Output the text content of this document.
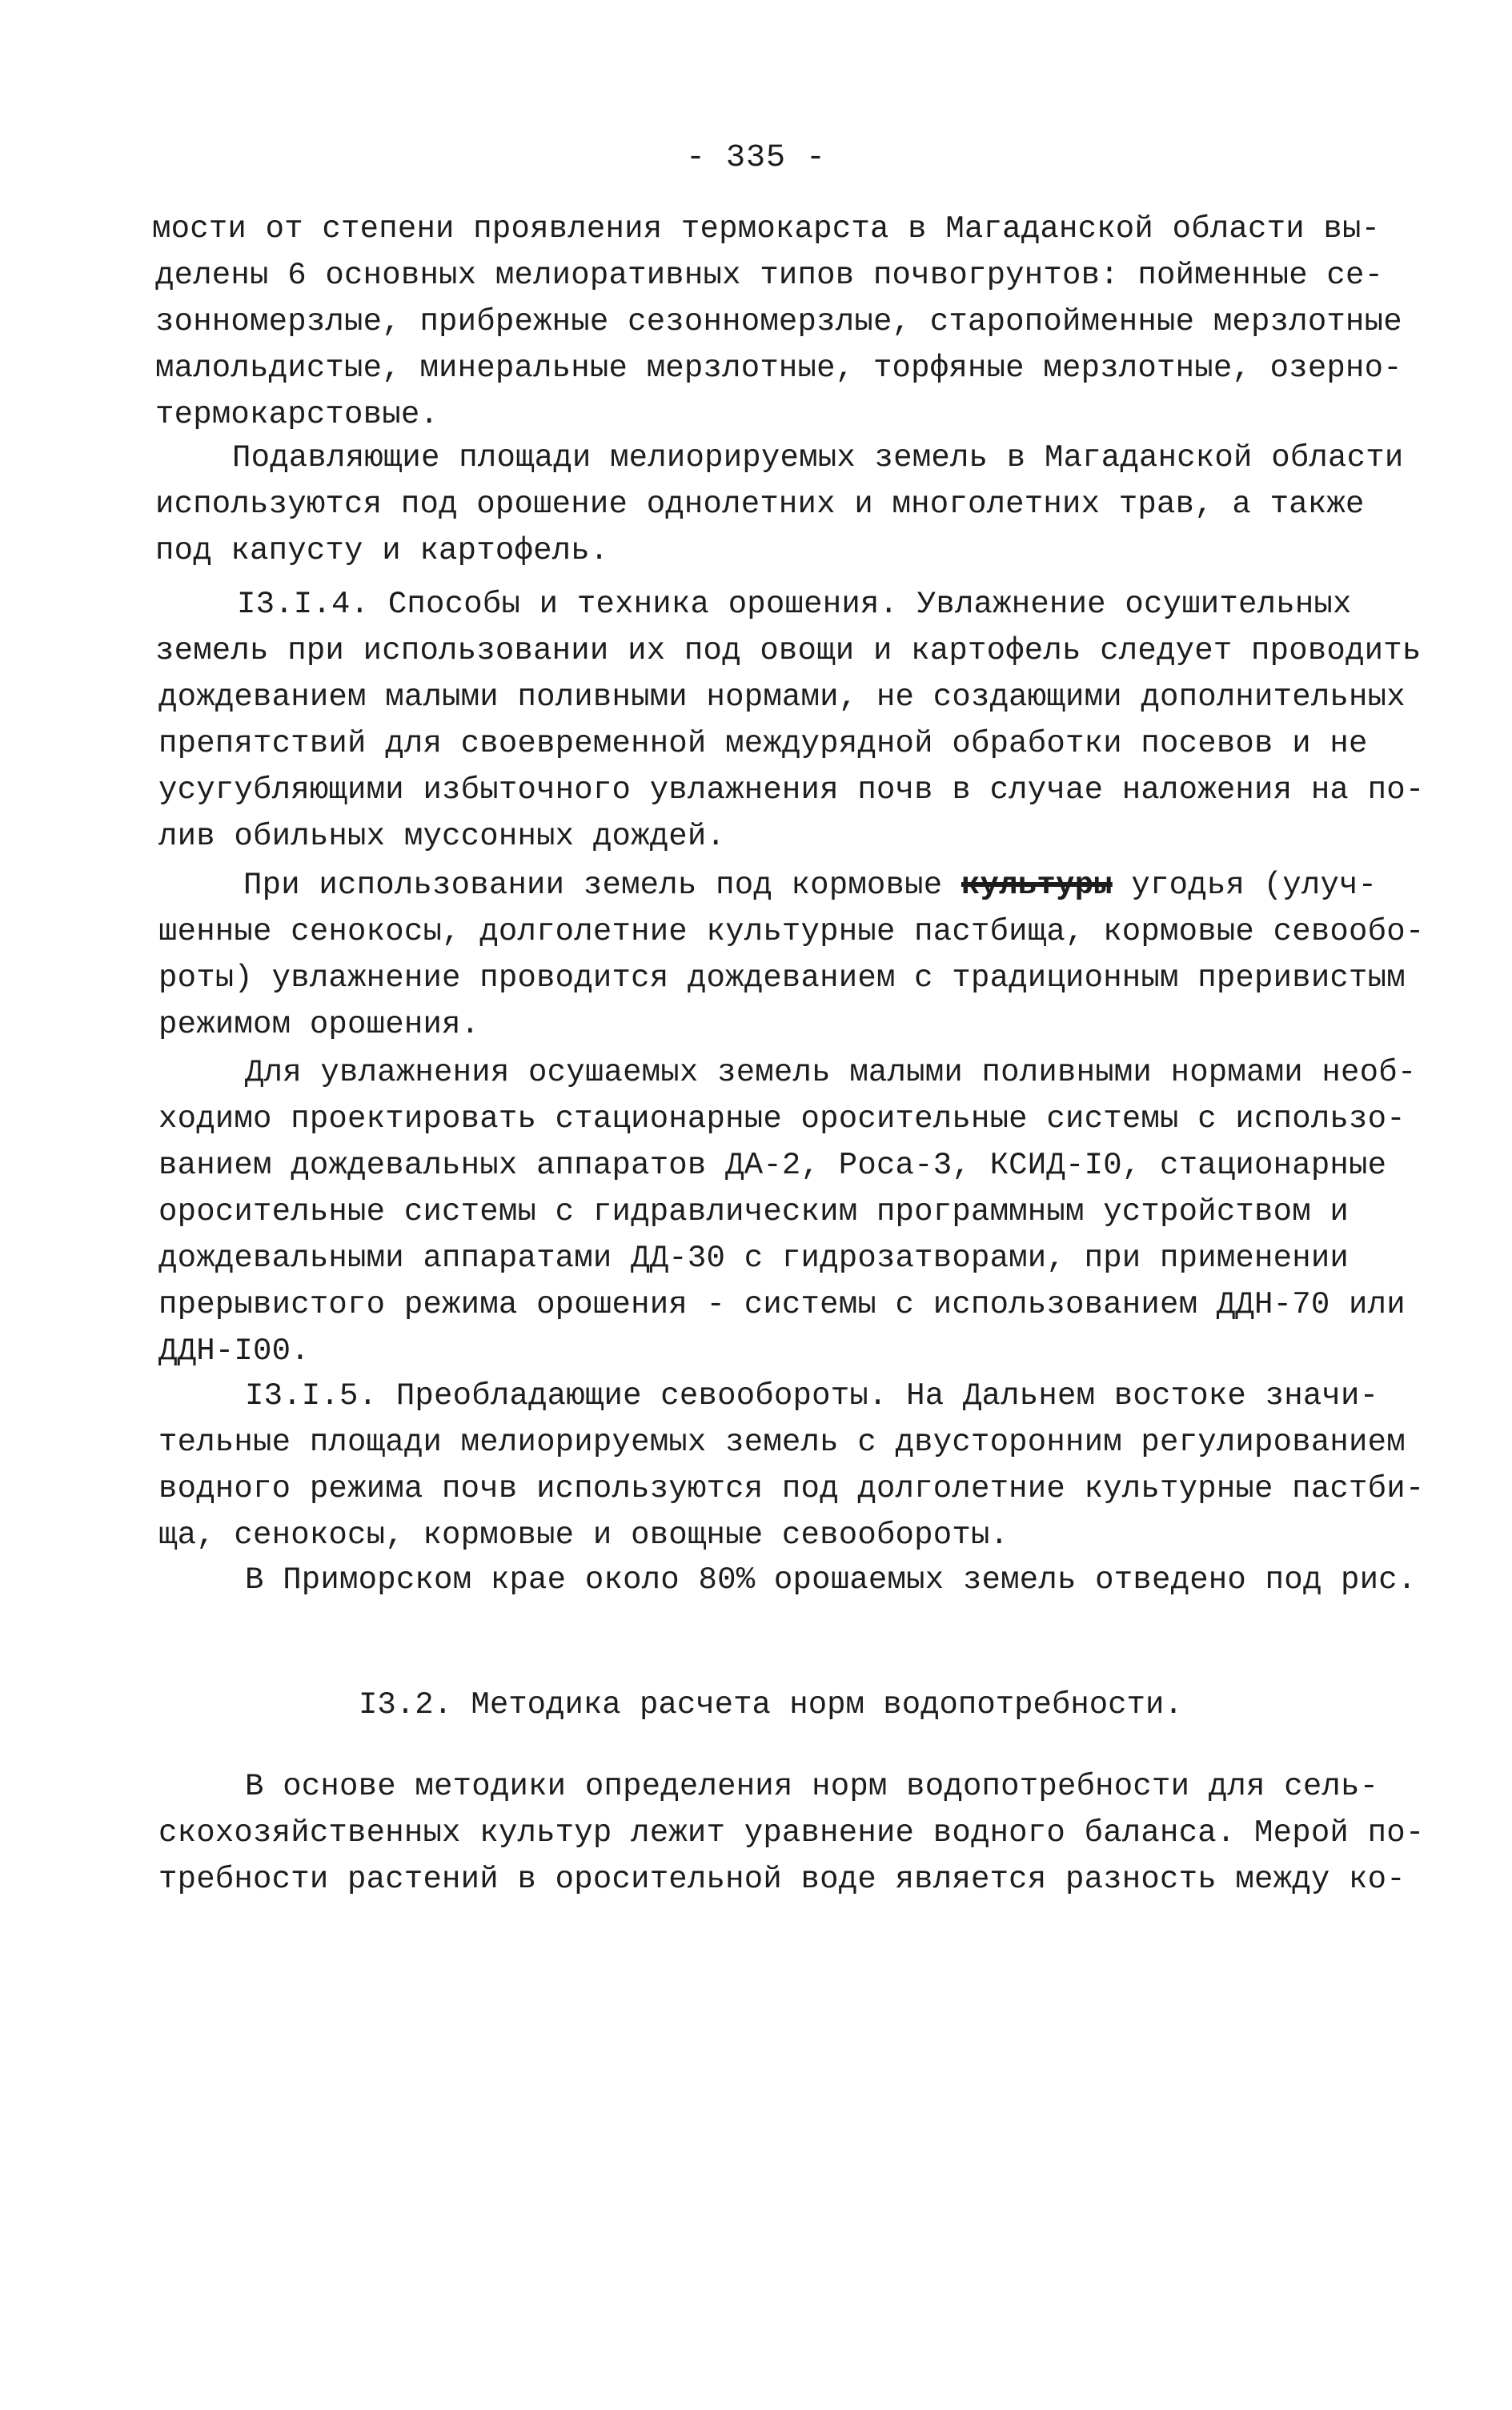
- 335 -
мости от степени проявления термокарста в Магаданской области вы-
делены 6 основных мелиоративных типов почвогрунтов: пойменные се-
зонномерзлые, прибрежные сезонномерзлые, старопойменные мерзлотные
малольдистые, минеральные мерзлотные, торфяные мерзлотные, озерно-
термокарстовые.
Подавляющие площади мелиорируемых земель в Магаданской области
используются под орошение однолетних и многолетних трав, а также
под капусту и картофель.
I3.I.4. Способы и техника орошения. Увлажнение осушительных
земель при использовании их под овощи и картофель следует проводить
дождеванием малыми поливными нормами, не создающими дополнительных
препятствий для своевременной междурядной обработки посевов и не
усугубляющими избыточного увлажнения почв в случае наложения на по-
лив обильных муссонных дождей.
При использовании земель под кормовые культуры угодья (улуч-
шенные сенокосы, долголетние культурные пастбища, кормовые севообо-
роты) увлажнение проводится дождеванием с традиционным преривистым
режимом орошения.
Для увлажнения осушаемых земель малыми поливными нормами необ-
ходимо проектировать стационарные оросительные системы с использо-
ванием дождевальных аппаратов ДА-2, Роса-3, КСИД-I0, стационарные
оросительные системы с гидравлическим программным устройством и
дождевальными аппаратами ДД-30 с гидрозатворами, при применении
прерывистого режима орошения - системы с использованием ДДН-70 или
ДДН-I00.
I3.I.5. Преобладающие севообороты. На Дальнем востоке значи-
тельные площади мелиорируемых земель с двусторонним регулированием
водного режима почв используются под долголетние культурные пастби-
ща, сенокосы, кормовые и овощные севообороты.
В Приморском крае около 80% орошаемых земель отведено под рис.
I3.2. Методика расчета норм водопотребности.
В основе методики определения норм водопотребности для сель-
скохозяйственных культур лежит уравнение водного баланса. Мерой по-
требности растений в оросительной воде является разность между ко-
